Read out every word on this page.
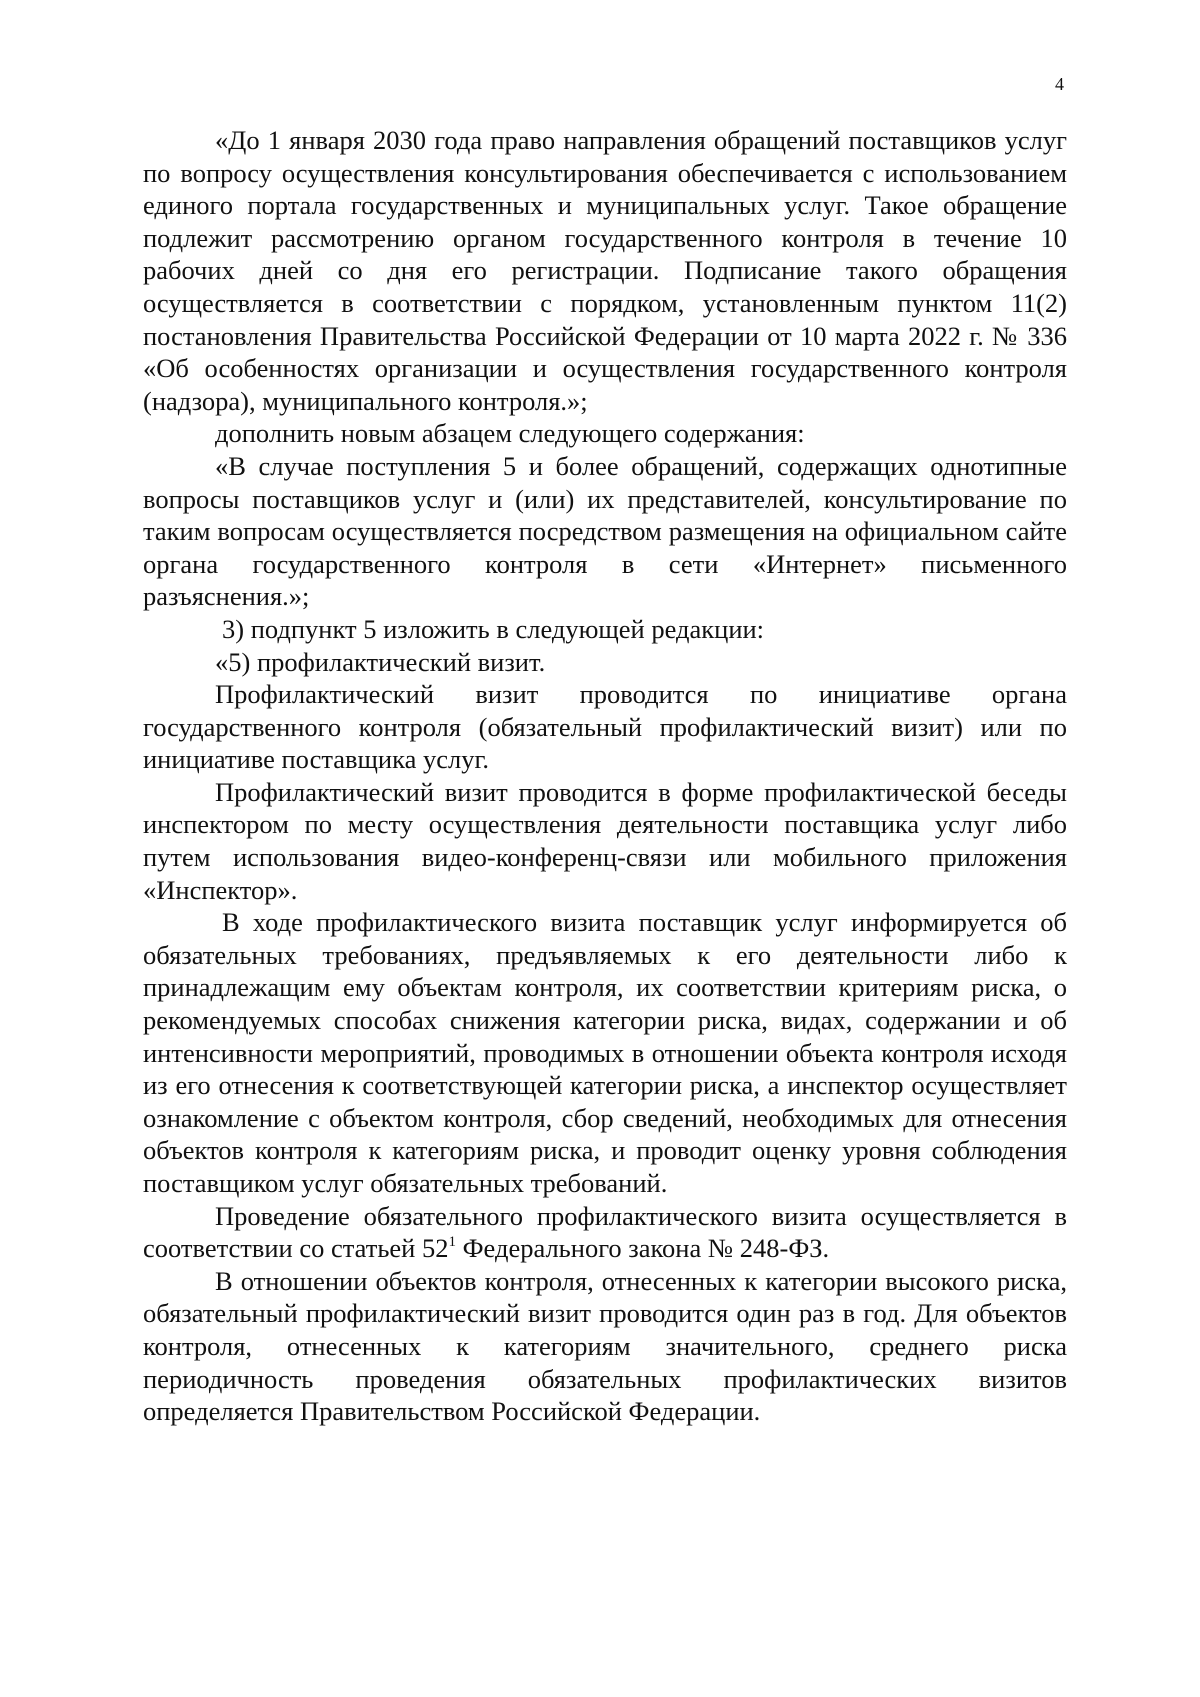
4

«До 1 января 2030 года право направления обращений поставщиков услуг по вопросу осуществления консультирования обеспечивается с использованием единого портала государственных и муниципальных услуг. Такое обращение подлежит рассмотрению органом государственного контроля в течение 10 рабочих дней со дня его регистрации. Подписание такого обращения осуществляется в соответствии с порядком, установленным пунктом 11(2) постановления Правительства Российской Федерации от 10 марта 2022 г. № 336 «Об особенностях организации и осуществления государственного контроля (надзора), муниципального контроля.»;

дополнить новым абзацем следующего содержания:

«В случае поступления 5 и более обращений, содержащих однотипные вопросы поставщиков услуг и (или) их представителей, консультирование по таким вопросам осуществляется посредством размещения на официальном сайте органа государственного контроля в сети «Интернет» письменного разъяснения.»;

3) подпункт 5 изложить в следующей редакции:

«5) профилактический визит.

Профилактический визит проводится по инициативе органа государственного контроля (обязательный профилактический визит) или по инициативе поставщика услуг.

Профилактический визит проводится в форме профилактической беседы инспектором по месту осуществления деятельности поставщика услуг либо путем использования видео-конференц-связи или мобильного приложения «Инспектор».

В ходе профилактического визита поставщик услуг информируется об обязательных требованиях, предъявляемых к его деятельности либо к принадлежащим ему объектам контроля, их соответствии критериям риска, о рекомендуемых способах снижения категории риска, видах, содержании и об интенсивности мероприятий, проводимых в отношении объекта контроля исходя из его отнесения к соответствующей категории риска, а инспектор осуществляет ознакомление с объектом контроля, сбор сведений, необходимых для отнесения объектов контроля к категориям риска, и проводит оценку уровня соблюдения поставщиком услуг обязательных требований.

Проведение обязательного профилактического визита осуществляется в соответствии со статьей $52^1$ Федерального закона № 248-ФЗ.

В отношении объектов контроля, отнесенных к категории высокого риска, обязательный профилактический визит проводится один раз в год. Для объектов контроля, отнесенных к категориям значительного, среднего риска периодичность проведения обязательных профилактических визитов определяется Правительством Российской Федерации.
